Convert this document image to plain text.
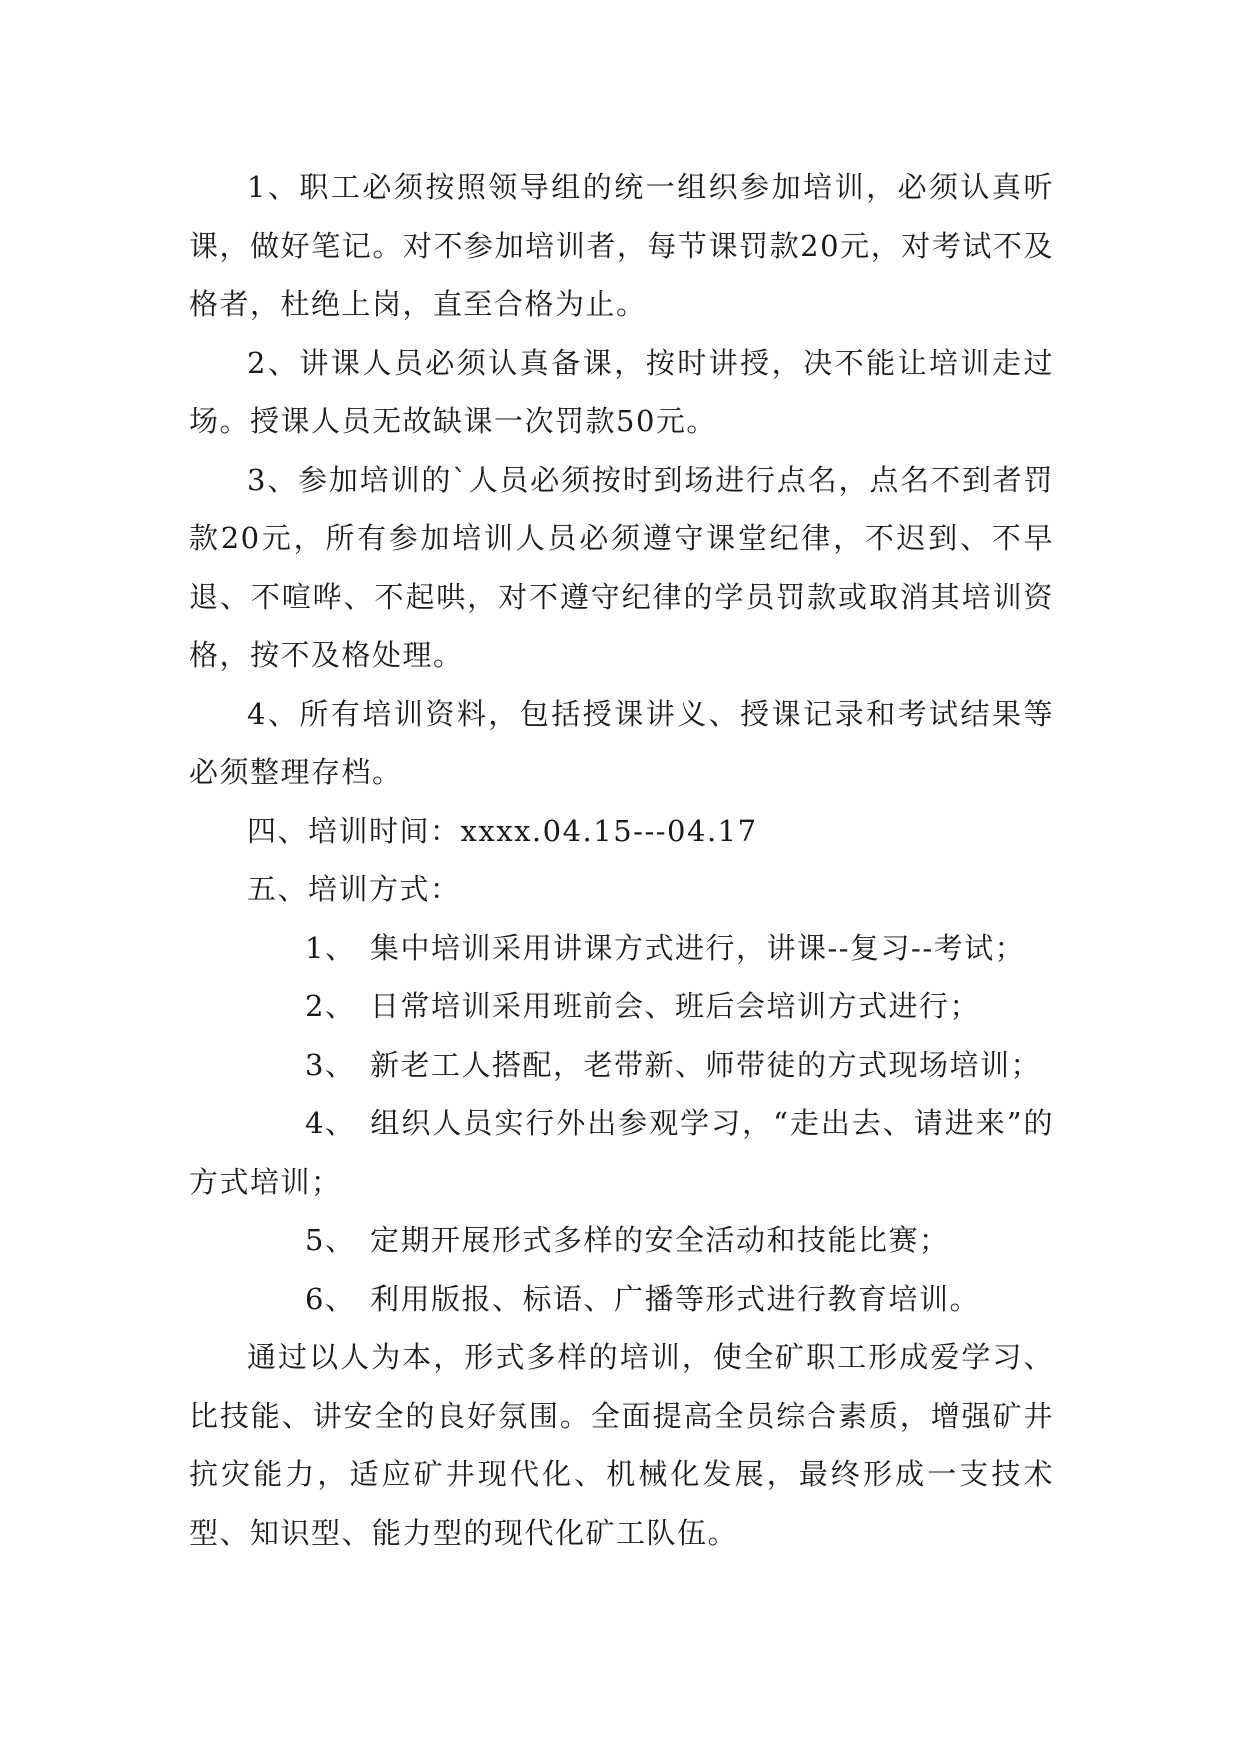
1、职工必须按照领导组的统一组织参加培训，必须认真听课，做好笔记。对不参加培训者，每节课罚款20元，对考试不及格者，杜绝上岗，直至合格为止。

2、讲课人员必须认真备课，按时讲授，决不能让培训走过场。授课人员无故缺课一次罚款50元。

3、参加培训的`人员必须按时到场进行点名，点名不到者罚款20元，所有参加培训人员必须遵守课堂纪律，不迟到、不早退、不喧哗、不起哄，对不遵守纪律的学员罚款或取消其培训资格，按不及格处理。

4、所有培训资料，包括授课讲义、授课记录和考试结果等必须整理存档。

四、培训时间：xxxx.04.15---04.17

五、培训方式：

1、 集中培训采用讲课方式进行，讲课--复习--考试；

2、 日常培训采用班前会、班后会培训方式进行；

3、 新老工人搭配，老带新、师带徒的方式现场培训；

4、 组织人员实行外出参观学习，“走出去、请进来”的方式培训；

5、 定期开展形式多样的安全活动和技能比赛；

6、 利用版报、标语、广播等形式进行教育培训。

通过以人为本，形式多样的培训，使全矿职工形成爱学习、比技能、讲安全的良好氛围。全面提高全员综合素质，增强矿井抗灾能力，适应矿井现代化、机械化发展，最终形成一支技术型、知识型、能力型的现代化矿工队伍。
